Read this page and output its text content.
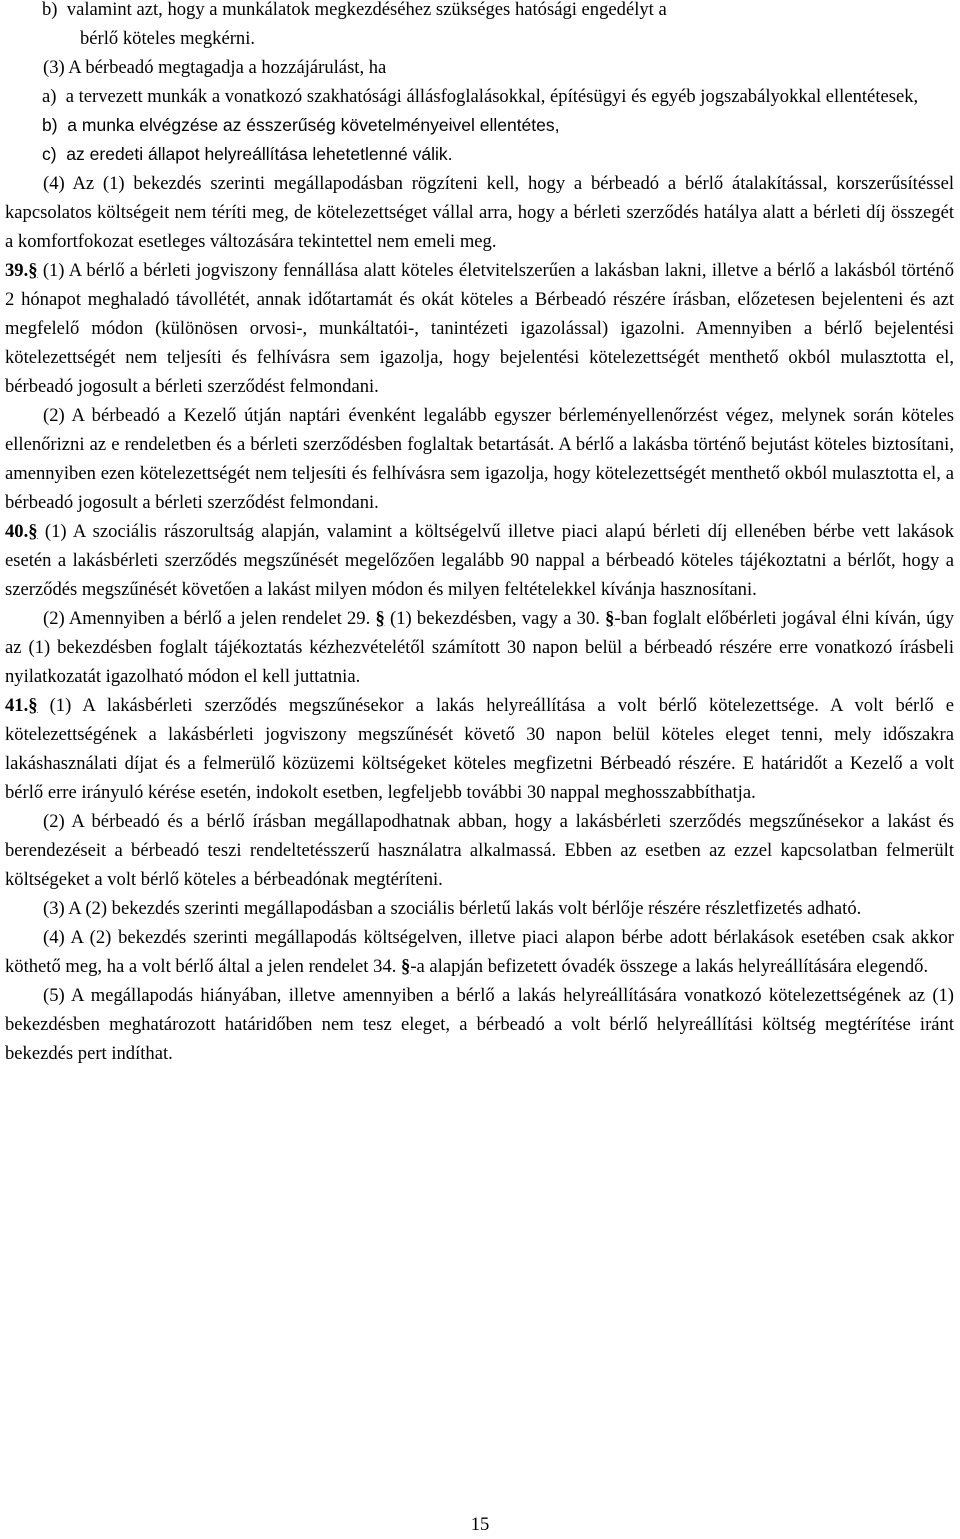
b)  valamint azt, hogy a munkálatok megkezdéséhez szükséges hatósági engedélyt a
bérlő köteles megkérni.

(3) A bérbeadó megtagadja a hozzájárulást, ha

a)  a tervezett munkák a vonatkozó szakhatósági állásfoglalásokkal, építésügyi és egyéb jogszabályokkal ellentétesek,

b)  a munka elvégzése az ésszerűség követelményeivel ellentétes,

c)  az eredeti állapot helyreállítása lehetetlenné válik.

(4) Az (1) bekezdés szerinti megállapodásban rögzíteni kell, hogy a bérbeadó a bérlő átalakítással, korszerűsítéssel kapcsolatos költségeit nem téríti meg, de kötelezettséget vállal arra, hogy a bérleti szerződés hatálya alatt a bérleti díj összegét a komfortfokozat esetleges változására tekintettel nem emeli meg.

39.§ (1) A bérlő a bérleti jogviszony fennállása alatt köteles életvitelszerűen a lakásban lakni, illetve a bérlő a lakásból történő 2 hónapot meghaladó távollétét, annak időtartamát és okát köteles a Bérbeadó részére írásban, előzetesen bejelenteni és azt megfelelő módon (különösen orvosi-, munkáltatói-, tanintézeti igazolással) igazolni. Amennyiben a bérlő bejelentési kötelezettségét nem teljesíti és felhívásra sem igazolja, hogy bejelentési kötelezettségét menthető okból mulasztotta el, bérbeadó jogosult a bérleti szerződést felmondani.

(2) A bérbeadó a Kezelő útján naptári évenként legalább egyszer bérleményellenőrzést végez, melynek során köteles ellenőrizni az e rendeletben és a bérleti szerződésben foglaltak betartását. A bérlő a lakásba történő bejutást köteles biztosítani, amennyiben ezen kötelezettségét nem teljesíti és felhívásra sem igazolja, hogy kötelezettségét menthető okból mulasztotta el, a bérbeadó jogosult a bérleti szerződést felmondani.

40.§ (1) A szociális rászorultság alapján, valamint a költségelvű illetve piaci alapú bérleti díj ellenében bérbe vett lakások esetén a lakásbérleti szerződés megszűnését megelőzően legalább 90 nappal a bérbeadó köteles tájékoztatni a bérlőt, hogy a szerződés megszűnését követően a lakást milyen módon és milyen feltételekkel kívánja hasznosítani.

(2) Amennyiben a bérlő a jelen rendelet 29. § (1) bekezdésben, vagy a 30. §-ban foglalt előbérleti jogával élni kíván, úgy az (1) bekezdésben foglalt tájékoztatás kézhezvételétől számított 30 napon belül a bérbeadó részére erre vonatkozó írásbeli nyilatkozatát igazolható módon el kell juttatnia.

41.§ (1) A lakásbérleti szerződés megszűnésekor a lakás helyreállítása a volt bérlő kötelezettsége. A volt bérlő e kötelezettségének a lakásbérleti jogviszony megszűnését követő 30 napon belül köteles eleget tenni, mely időszakra lakáshasználati díjat és a felmerülő közüzemi költségeket köteles megfizetni Bérbeadó részére. E határidőt a Kezelő a volt bérlő erre irányuló kérése esetén, indokolt esetben, legfeljebb további 30 nappal meghosszabbíthatja.

(2) A bérbeadó és a bérlő írásban megállapodhatnak abban, hogy a lakásbérleti szerződés megszűnésekor a lakást és berendezéseit a bérbeadó teszi rendeltetésszerű használatra alkalmassá. Ebben az esetben az ezzel kapcsolatban felmerült költségeket a volt bérlő köteles a bérbeadónak megtéríteni.

(3) A (2) bekezdés szerinti megállapodásban a szociális bérletű lakás volt bérlője részére részletfizetés adható.

(4) A (2) bekezdés szerinti megállapodás költségelven, illetve piaci alapon bérbe adott bérlakások esetében csak akkor köthető meg, ha a volt bérlő által a jelen rendelet 34. §-a alapján befizetett óvadék összege a lakás helyreállítására elegendő.

(5) A megállapodás hiányában, illetve amennyiben a bérlő a lakás helyreállítására vonatkozó kötelezettségének az (1) bekezdésben meghatározott határidőben nem tesz eleget, a bérbeadó a volt bérlő helyreállítási költség megtérítése iránt bekezdés pert indíthat.

15
